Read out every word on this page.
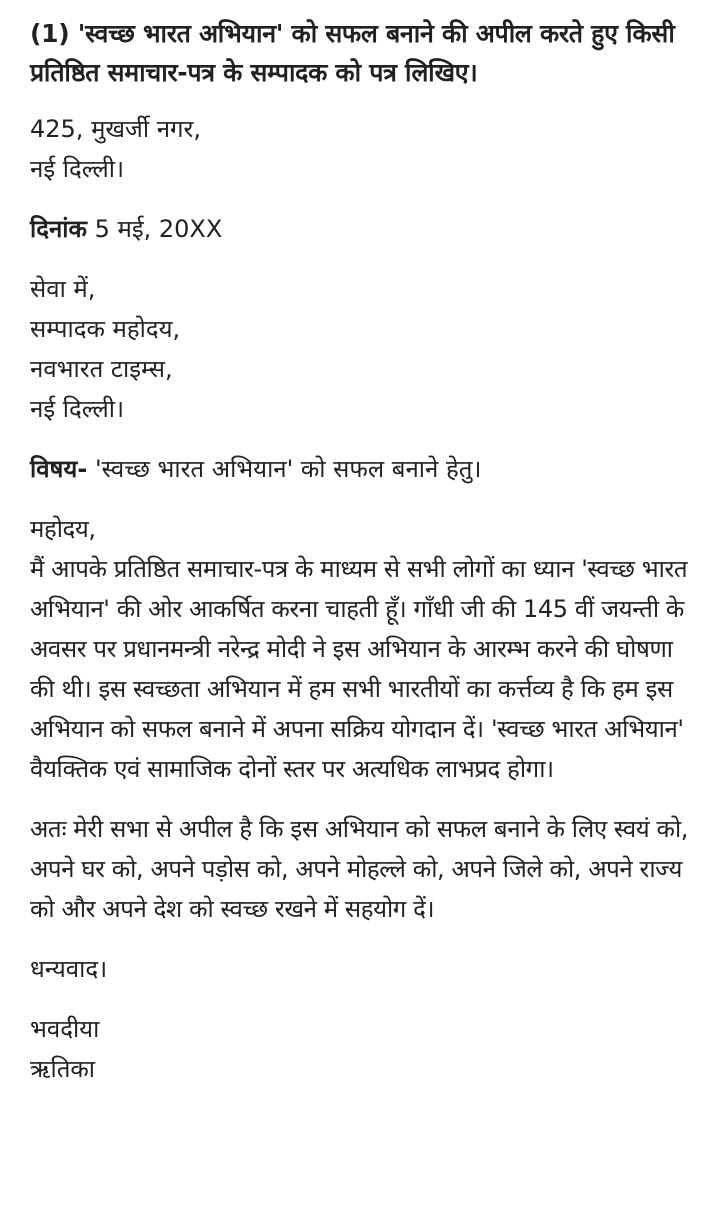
(1) 'स्वच्छ भारत अभियान' को सफल बनाने की अपील करते हुए किसी प्रतिष्ठित समाचार-पत्र के सम्पादक को पत्र लिखिए।
425, मुखर्जी नगर,
नई दिल्ली।
दिनांक 5 मई, 20XX
सेवा में,
सम्पादक महोदय,
नवभारत टाइम्स,
नई दिल्ली।
विषय- 'स्वच्छ भारत अभियान' को सफल बनाने हेतु।
महोदय,
मैं आपके प्रतिष्ठित समाचार-पत्र के माध्यम से सभी लोगों का ध्यान 'स्वच्छ भारत अभियान' की ओर आकर्षित करना चाहती हूँ। गाँधी जी की 145 वीं जयन्ती के अवसर पर प्रधानमन्त्री नरेन्द्र मोदी ने इस अभियान के आरम्भ करने की घोषणा की थी। इस स्वच्छता अभियान में हम सभी भारतीयों का कर्त्तव्य है कि हम इस अभियान को सफल बनाने में अपना सक्रिय योगदान दें। 'स्वच्छ भारत अभियान' वैयक्तिक एवं सामाजिक दोनों स्तर पर अत्यधिक लाभप्रद होगा।
अतः मेरी सभा से अपील है कि इस अभियान को सफल बनाने के लिए स्वयं को, अपने घर को, अपने पड़ोस को, अपने मोहल्ले को, अपने जिले को, अपने राज्य को और अपने देश को स्वच्छ रखने में सहयोग दें।
धन्यवाद।
भवदीया
ऋतिका
